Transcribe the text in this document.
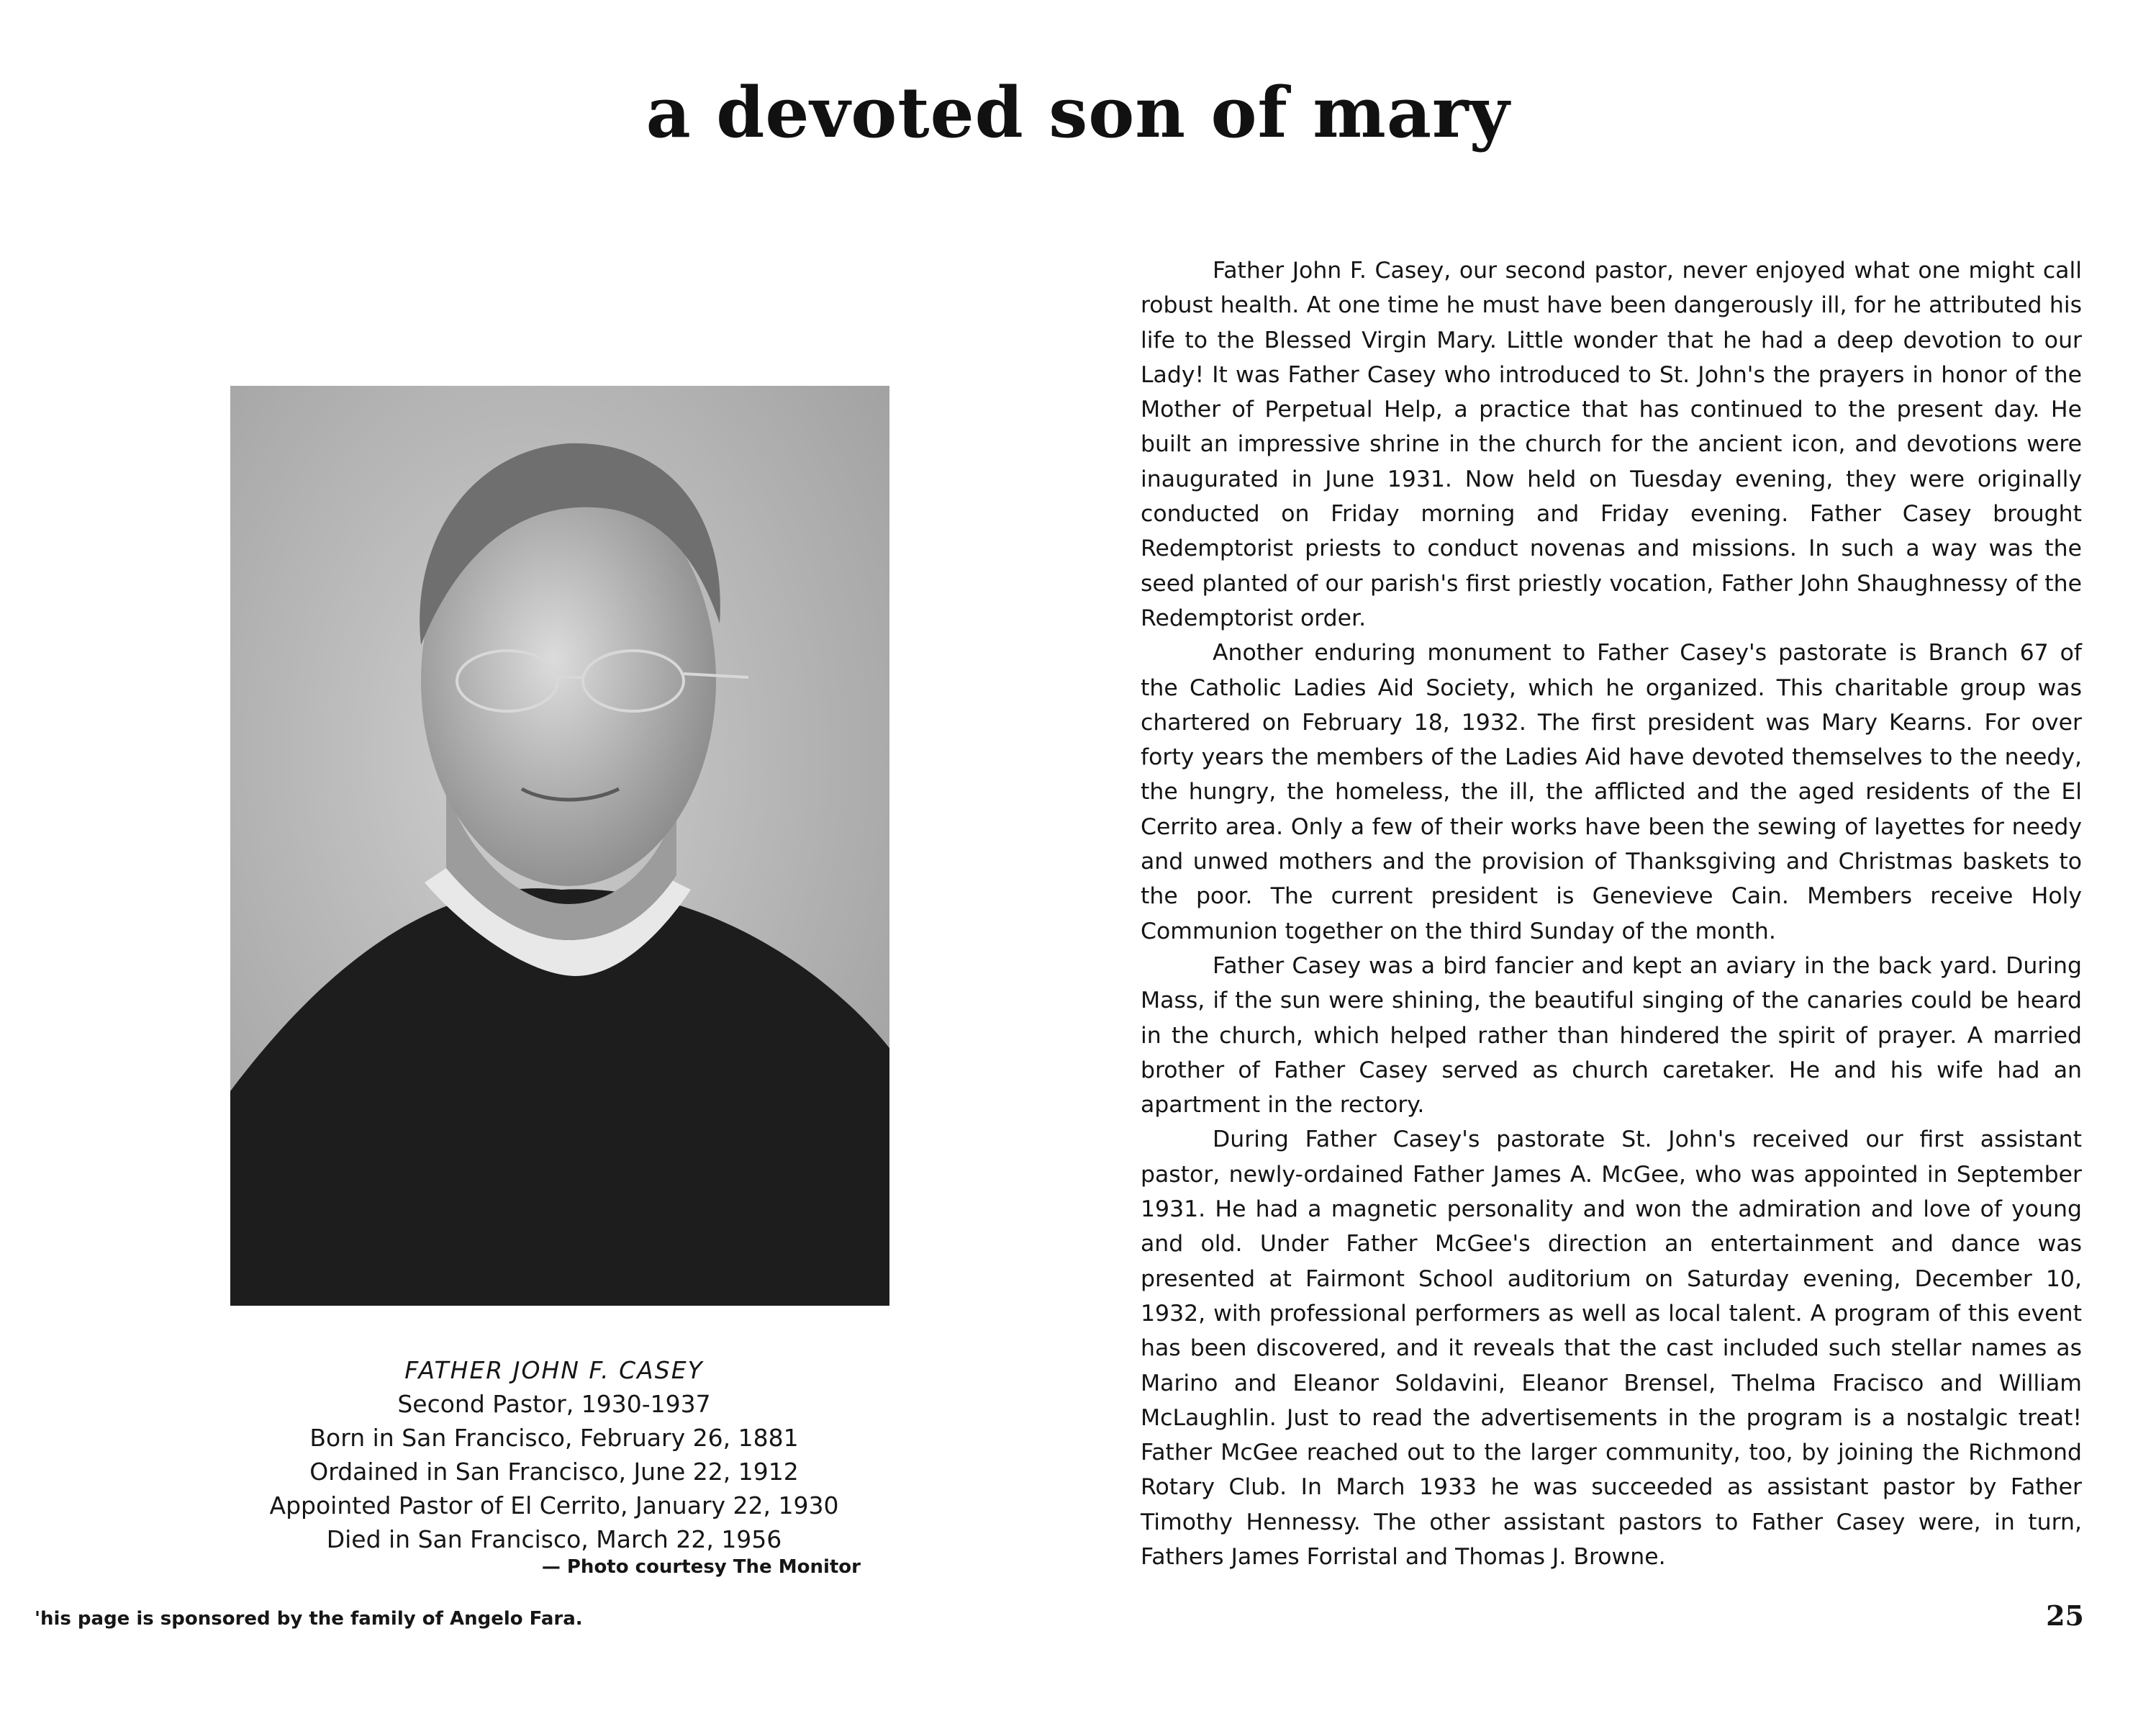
a devoted son of mary
FATHER JOHN F. CASEY
Second Pastor, 1930-1937
Born in San Francisco, February 26, 1881
Ordained in San Francisco, June 22, 1912
Appointed Pastor of El Cerrito, January 22, 1930
Died in San Francisco, March 22, 1956
— Photo courtesy The Monitor

Father John F. Casey, our second pastor, never enjoyed what one might call robust health. At one time he must have been dangerously ill, for he attributed his life to the Blessed Virgin Mary. Little wonder that he had a deep devotion to our Lady! It was Father Casey who introduced to St. John's the prayers in honor of the Mother of Perpetual Help, a practice that has continued to the present day. He built an impressive shrine in the church for the ancient icon, and devotions were inaugurated in June 1931. Now held on Tuesday evening, they were originally conducted on Friday morning and Friday evening. Father Casey brought Redemptorist priests to conduct novenas and missions. In such a way was the seed planted of our parish's first priestly vocation, Father John Shaughnessy of the Redemptorist order.

Another enduring monument to Father Casey's pastorate is Branch 67 of the Catholic Ladies Aid Society, which he organized. This charitable group was chartered on February 18, 1932. The first president was Mary Kearns. For over forty years the members of the Ladies Aid have devoted themselves to the needy, the hungry, the homeless, the ill, the afflicted and the aged residents of the El Cerrito area. Only a few of their works have been the sewing of layettes for needy and unwed mothers and the provision of Thanksgiving and Christmas baskets to the poor. The current president is Genevieve Cain. Members receive Holy Communion together on the third Sunday of the month.

Father Casey was a bird fancier and kept an aviary in the back yard. During Mass, if the sun were shining, the beautiful singing of the canaries could be heard in the church, which helped rather than hindered the spirit of prayer. A married brother of Father Casey served as church caretaker. He and his wife had an apartment in the rectory.

During Father Casey's pastorate St. John's received our first assistant pastor, newly-ordained Father James A. McGee, who was appointed in September 1931. He had a magnetic personality and won the admiration and love of young and old. Under Father McGee's direction an entertainment and dance was presented at Fairmont School auditorium on Saturday evening, December 10, 1932, with professional performers as well as local talent. A program of this event has been discovered, and it reveals that the cast included such stellar names as Marino and Eleanor Soldavini, Eleanor Brensel, Thelma Fracisco and William McLaughlin. Just to read the advertisements in the program is a nostalgic treat! Father McGee reached out to the larger community, too, by joining the Richmond Rotary Club. In March 1933 he was succeeded as assistant pastor by Father Timothy Hennessy. The other assistant pastors to Father Casey were, in turn, Fathers James Forristal and Thomas J. Browne.

'his page is sponsored by the family of Angelo Fara.	25
